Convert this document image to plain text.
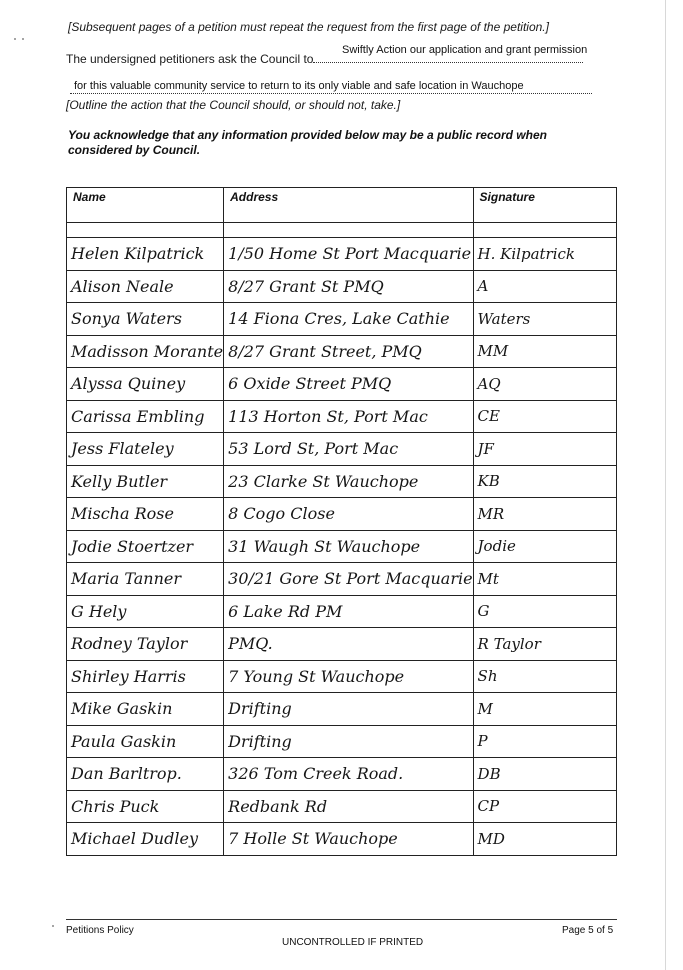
[Subsequent pages of a petition must repeat the request from the first page of the petition.]
The undersigned petitioners ask the Council to
Swiftly Action our application and grant permission
for this valuable community service to return to its only viable and safe location in Wauchope
[Outline the action that the Council should, or should not, take.]
You acknowledge that any information provided below may be a public record when considered by Council.
Name	Address	Signature

Helen Kilpatrick	1/50 Home St Port Macquarie	H. Kilpatrick

Alison Neale	8/27 Grant St PMQ	A

Sonya Waters	14 Fiona Cres, Lake Cathie	Waters

Madisson Morante	8/27 Grant Street, PMQ	MM

Alyssa Quiney	6 Oxide Street PMQ	AQ

Carissa Embling	113 Horton St, Port Mac	CE

Jess Flateley	53 Lord St, Port Mac	JF

Kelly Butler	23 Clarke St Wauchope	KB

Mischa Rose	8 Cogo Close	MR

Jodie Stoertzer	31 Waugh St Wauchope	Jodie

Maria Tanner	30/21 Gore St Port Macquarie	Mt

G Hely	6 Lake Rd PM	G

Rodney Taylor	PMQ.	R Taylor

Shirley Harris	7 Young St Wauchope	Sh

Mike Gaskin	Drifting	M

Paula Gaskin	Drifting	P

Dan Barltrop.	326 Tom Creek Road.	DB

Chris Puck	Redbank Rd	CP

Michael Dudley	7 Holle St Wauchope	MD
Petitions Policy
UNCONTROLLED IF PRINTED
Page 5 of 5
